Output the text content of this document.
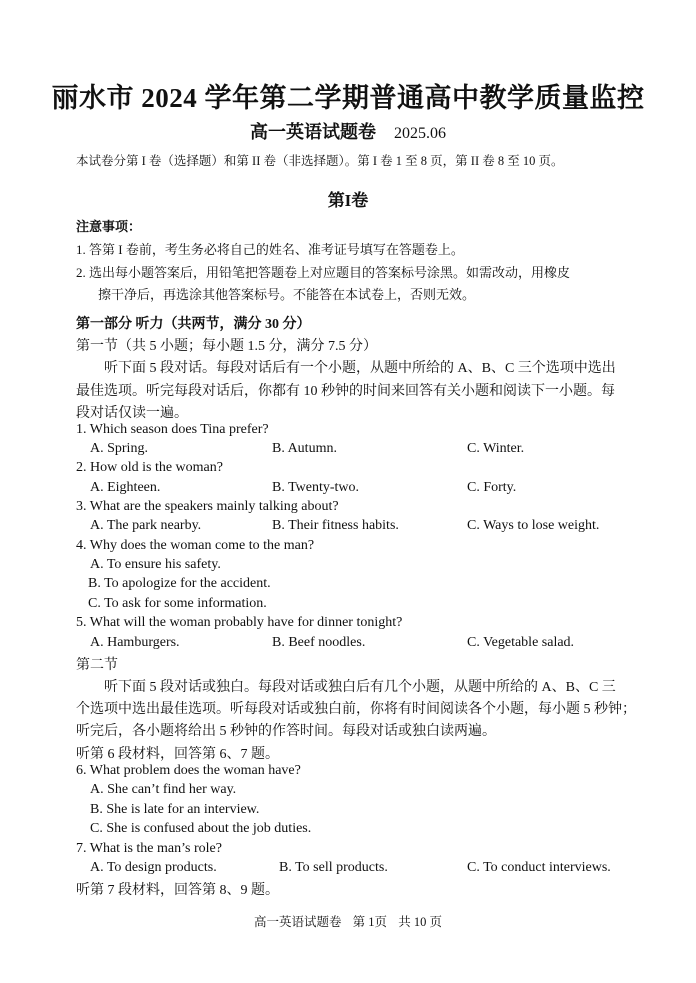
丽水市 2024 学年第二学期普通高中教学质量监控
高一英语试题卷 2025.06
本试卷分第 I 卷（选择题）和第 II 卷（非选择题）。第 I 卷 1 至 8 页，第 II 卷 8 至 10 页。
第I卷
注意事项：
1. 答第 I 卷前，考生务必将自己的姓名、准考证号填写在答题卷上。
2. 选出每小题答案后，用铅笔把答题卷上对应题目的答案标号涂黑。如需改动，用橡皮
擦干净后，再选涂其他答案标号。不能答在本试卷上，否则无效。
第一部分 听力（共两节，满分 30 分）
第一节（共 5 小题；每小题 1.5 分，满分 7.5 分）
听下面 5 段对话。每段对话后有一个小题，从题中所给的 A、B、C 三个选项中选出
最佳选项。听完每段对话后，你都有 10 秒钟的时间来回答有关小题和阅读下一小题。每
段对话仅读一遍。
1. Which season does Tina prefer?
A. Spring.	B. Autumn.	C. Winter.
2. How old is the woman?
A. Eighteen.	B. Twenty-two.	C. Forty.
3. What are the speakers mainly talking about?
A. The park nearby.	B. Their fitness habits.	C. Ways to lose weight.
4. Why does the woman come to the man?
A. To ensure his safety.
B. To apologize for the accident.
C. To ask for some information.
5. What will the woman probably have for dinner tonight?
A. Hamburgers.	B. Beef noodles.	C. Vegetable salad.
第二节
听下面 5 段对话或独白。每段对话或独白后有几个小题，从题中所给的 A、B、C 三
个选项中选出最佳选项。听每段对话或独白前，你将有时间阅读各个小题，每小题 5 秒钟；
听完后，各小题将给出 5 秒钟的作答时间。每段对话或独白读两遍。
听第 6 段材料，回答第 6、7 题。
6. What problem does the woman have?
A. She can’t find her way.
B. She is late for an interview.
C. She is confused about the job duties.
7. What is the man’s role?
A. To design products.	B. To sell products.	C. To conduct interviews.
听第 7 段材料，回答第 8、9 题。
高一英语试题卷 第 1页 共 10 页
